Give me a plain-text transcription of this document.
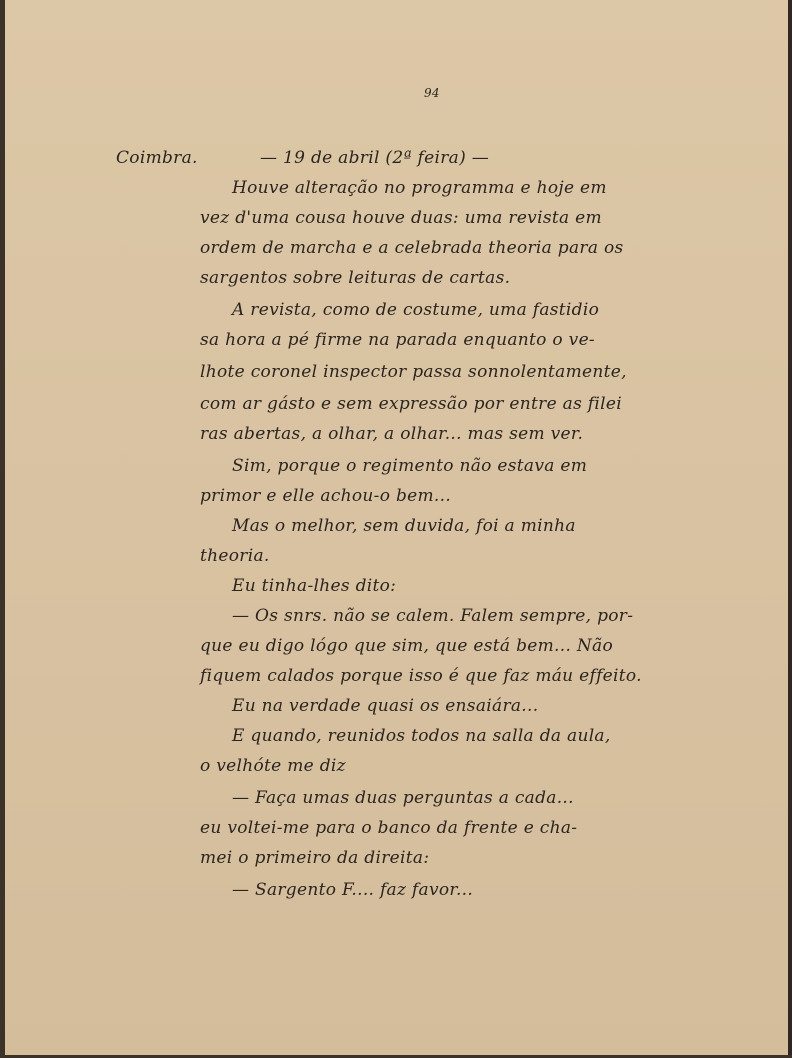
94
Coimbra.	— 19 de abril (2ª feira) —
Houve alteração no programma e hoje em
vez d'uma cousa houve duas: uma revista em
ordem de marcha e a celebrada theoria para os
sargentos sobre leituras de cartas.
A revista, como de costume, uma fastidio
sa hora a pé firme na parada enquanto o ve-
lhote coronel inspector passa sonnolentamente,
com ar gásto e sem expressão por entre as filei
ras abertas, a olhar, a olhar... mas sem ver.
Sim, porque o regimento não estava em
primor e elle achou-o bem...
Mas o melhor, sem duvida, foi a minha
theoria.
Eu tinha-lhes dito:
— Os snrs. não se calem. Falem sempre, por-
que eu digo lógo que sim, que está bem... Não
fiquem calados porque isso é que faz máu effeito.
Eu na verdade quasi os ensaiára...
E quando, reunidos todos na salla da aula,
o velhóte me diz
— Faça umas duas perguntas a cada...
eu voltei-me para o banco da frente e cha-
mei o primeiro da direita:
— Sargento F.... faz favor...
